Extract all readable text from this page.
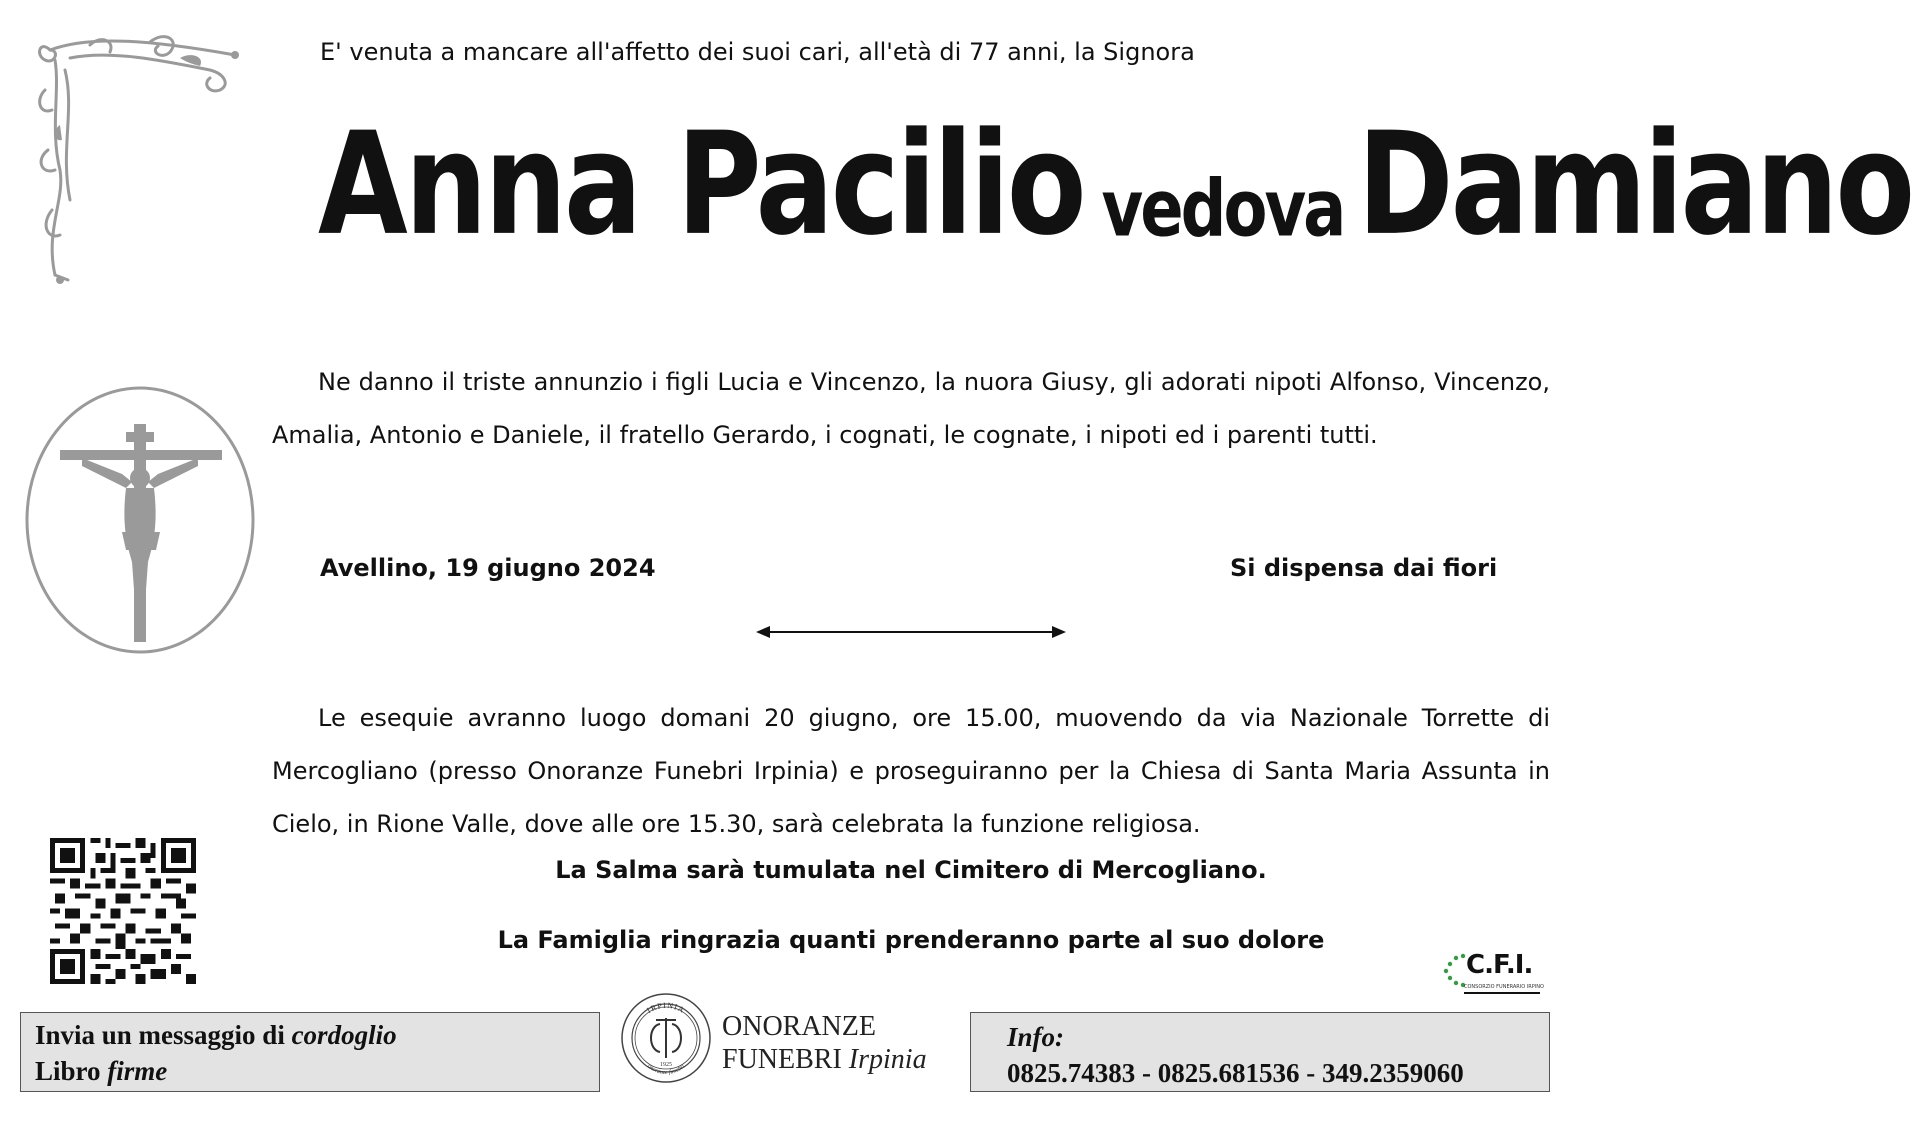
E' venuta a mancare all'affetto dei suoi cari, all'età di 77 anni, la Signora
Anna Pacilio vedova Damiano
Ne danno il triste annunzio i figli Lucia e Vincenzo, la nuora Giusy, gli adorati nipoti Alfonso, Vincenzo, Amalia, Antonio e Daniele, il fratello Gerardo, i cognati, le cognate, i nipoti ed i parenti tutti.
Avellino, 19 giugno 2024	Si dispensa dai fiori
Le esequie avranno luogo domani 20 giugno, ore 15.00, muovendo da via Nazionale Torrette di Mercogliano (presso Onoranze Funebri Irpinia) e proseguiranno per la Chiesa di Santa Maria Assunta in Cielo, in Rione Valle, dove alle ore 15.30, sarà celebrata la funzione religiosa.
La Salma sarà tumulata nel Cimitero di Mercogliano.
La Famiglia ringrazia quanti prenderanno parte al suo dolore
C.F.I.
CONSORZIO FUNERARIO IRPINO
Invia un messaggio di cordoglio
Libro firme
IRPINIA
1925
onoranze funebri
ONORANZE
FUNEBRI Irpinia
Info:
0825.74383 - 0825.681536 - 349.2359060
